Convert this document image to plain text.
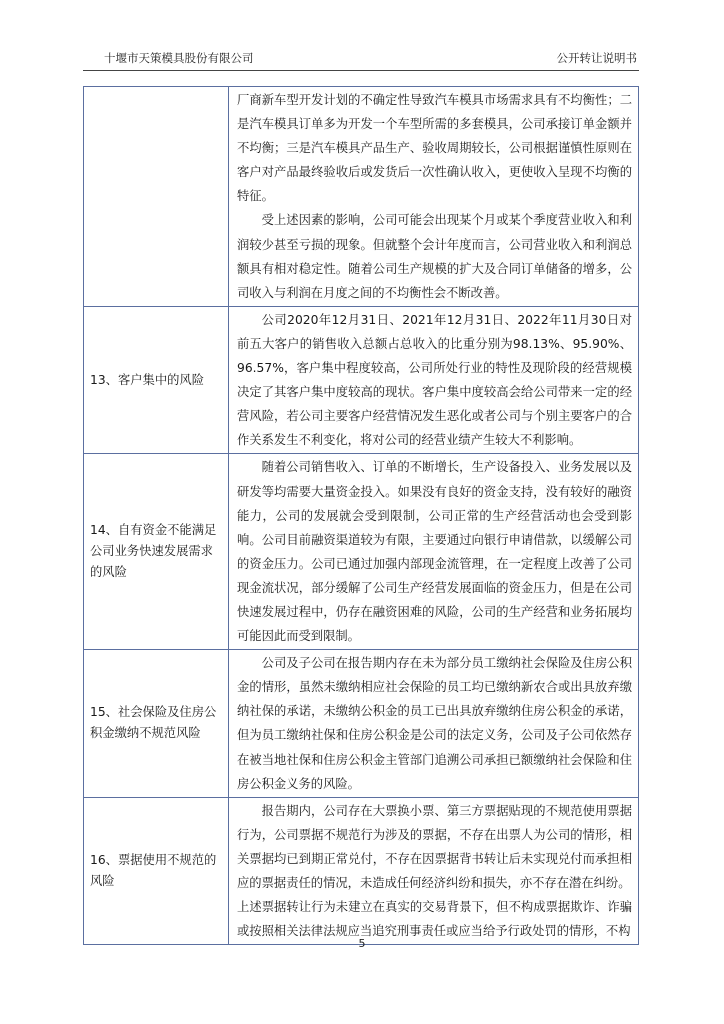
十堰市天策模具股份有限公司	公开转让说明书

	厂商新车型开发计划的不确定性导致汽车模具市场需求具有不均衡性；二是汽车模具订单多为开发一个车型所需的多套模具，公司承接订单金额并不均衡；三是汽车模具产品生产、验收周期较长，公司根据谨慎性原则在客户对产品最终验收后或发货后一次性确认收入，更使收入呈现不均衡的特征。

受上述因素的影响，公司可能会出现某个月或某个季度营业收入和利润较少甚至亏损的现象。但就整个会计年度而言，公司营业收入和利润总额具有相对稳定性。随着公司生产规模的扩大及合同订单储备的增多，公司收入与利润在月度之间的不均衡性会不断改善。

13、客户集中的风险	公司2020年12月31日、2021年12月31日、2022年11月30日对前五大客户的销售收入总额占总收入的比重分别为98.13%、95.90%、96.57%，客户集中程度较高，公司所处行业的特性及现阶段的经营规模决定了其客户集中度较高的现状。客户集中度较高会给公司带来一定的经营风险，若公司主要客户经营情况发生恶化或者公司与个别主要客户的合作关系发生不利变化，将对公司的经营业绩产生较大不利影响。

14、自有资金不能满足公司业务快速发展需求的风险	随着公司销售收入、订单的不断增长，生产设备投入、业务发展以及研发等均需要大量资金投入。如果没有良好的资金支持，没有较好的融资能力，公司的发展就会受到限制，公司正常的生产经营活动也会受到影响。公司目前融资渠道较为有限，主要通过向银行申请借款，以缓解公司的资金压力。公司已通过加强内部现金流管理，在一定程度上改善了公司现金流状况，部分缓解了公司生产经营发展面临的资金压力，但是在公司快速发展过程中，仍存在融资困难的风险，公司的生产经营和业务拓展均可能因此而受到限制。

15、社会保险及住房公积金缴纳不规范风险	公司及子公司在报告期内存在未为部分员工缴纳社会保险及住房公积金的情形，虽然未缴纳相应社会保险的员工均已缴纳新农合或出具放弃缴纳社保的承诺，未缴纳公积金的员工已出具放弃缴纳住房公积金的承诺，但为员工缴纳社保和住房公积金是公司的法定义务，公司及子公司依然存在被当地社保和住房公积金主管部门追溯公司承担已额缴纳社会保险和住房公积金义务的风险。

16、票据使用不规范的风险	报告期内，公司存在大票换小票、第三方票据贴现的不规范使用票据行为，公司票据不规范行为涉及的票据，不存在出票人为公司的情形，相关票据均已到期正常兑付，不存在因票据背书转让后未实现兑付而承担相应的票据责任的情况，未造成任何经济纠纷和损失，亦不存在潜在纠纷。

上述票据转让行为未建立在真实的交易背景下，但不构成票据欺诈、诈骗或按照相关法律法规应当追究刑事责任或应当给予行政处罚的情形，不构

5
